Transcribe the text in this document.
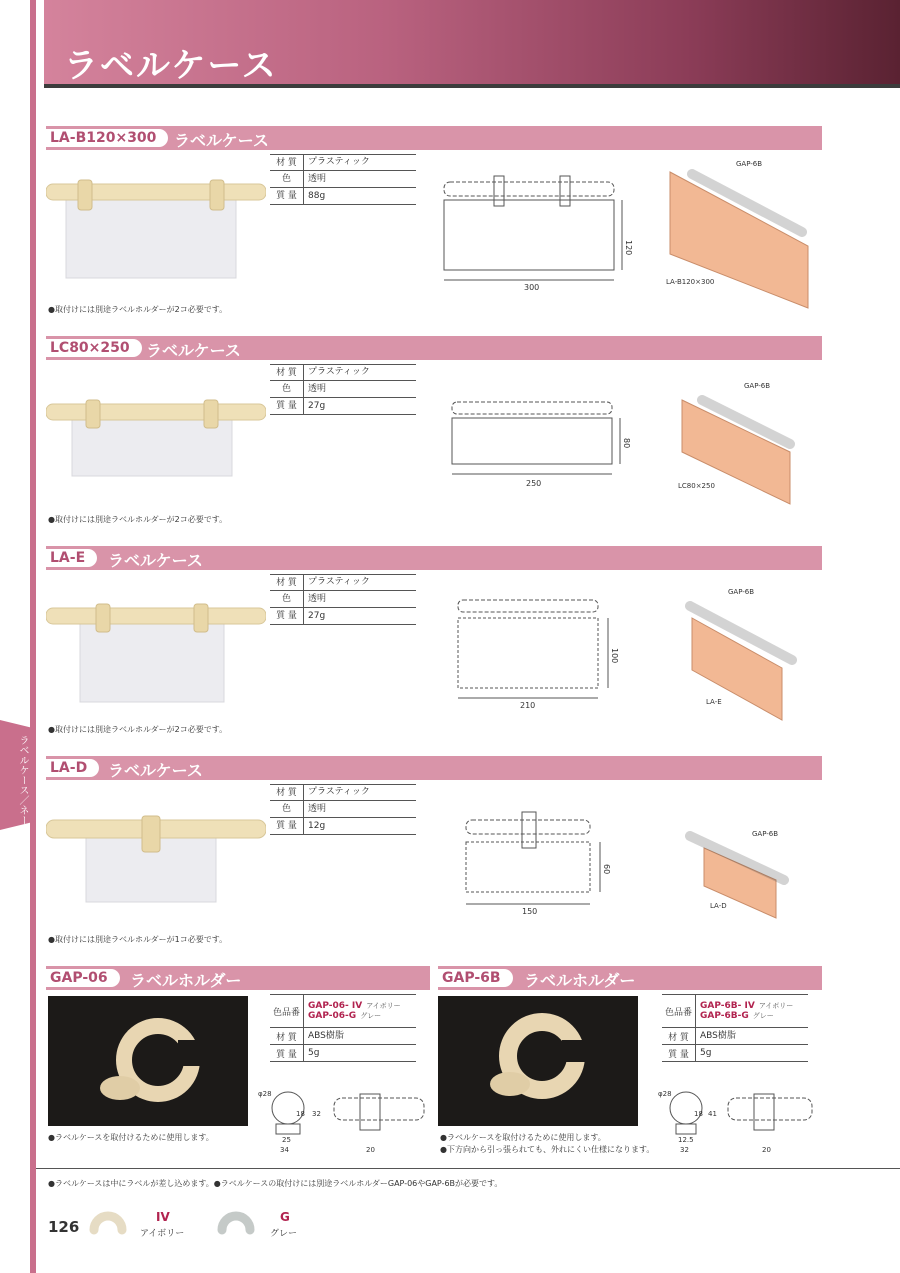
ラベルケース
ラベルケース／ネームプレート
LA-B120×300	ラベルケース
材 質	プラスティック
色	透明
質 量	88g
120
300
GAP-6B
LA-B120×300
●取付けには別途ラベルホルダーが2コ必要です。
LC80×250	ラベルケース
材 質	プラスティック
色	透明
質 量	27g
80
250
GAP-6B
LC80×250
●取付けには別途ラベルホルダーが2コ必要です。
LA-E	ラベルケース
材 質	プラスティック
色	透明
質 量	27g
100
210
GAP-6B
LA-E
●取付けには別途ラベルホルダーが2コ必要です。
LA-D	ラベルケース
材 質	プラスティック
色	透明
質 量	12g
60
150
GAP-6B
LA-D
●取付けには別途ラベルホルダーが1コ必要です。
GAP-06	ラベルホルダー	GAP-6B	ラベルホルダー
色品番
GAP-06- IV アイボリー
GAP-06-G グレー
材 質	ABS樹脂
質 量	5g
φ28
18 32
25
34	20
●ラベルケースを取付けるために使用します。
色品番
GAP-6B- IV アイボリー
GAP-6B-G グレー
材 質	ABS樹脂
質 量	5g
φ28
18 41
12.5
32	20
●ラベルケースを取付けるために使用します。
●下方向から引っ張られても、外れにくい仕様になります。
●ラベルケースは中にラベルが差し込めます。●ラベルケースの取付けには別途ラベルホルダーGAP-06やGAP-6Bが必要です。
126
IV
アイボリー
G
グレー
